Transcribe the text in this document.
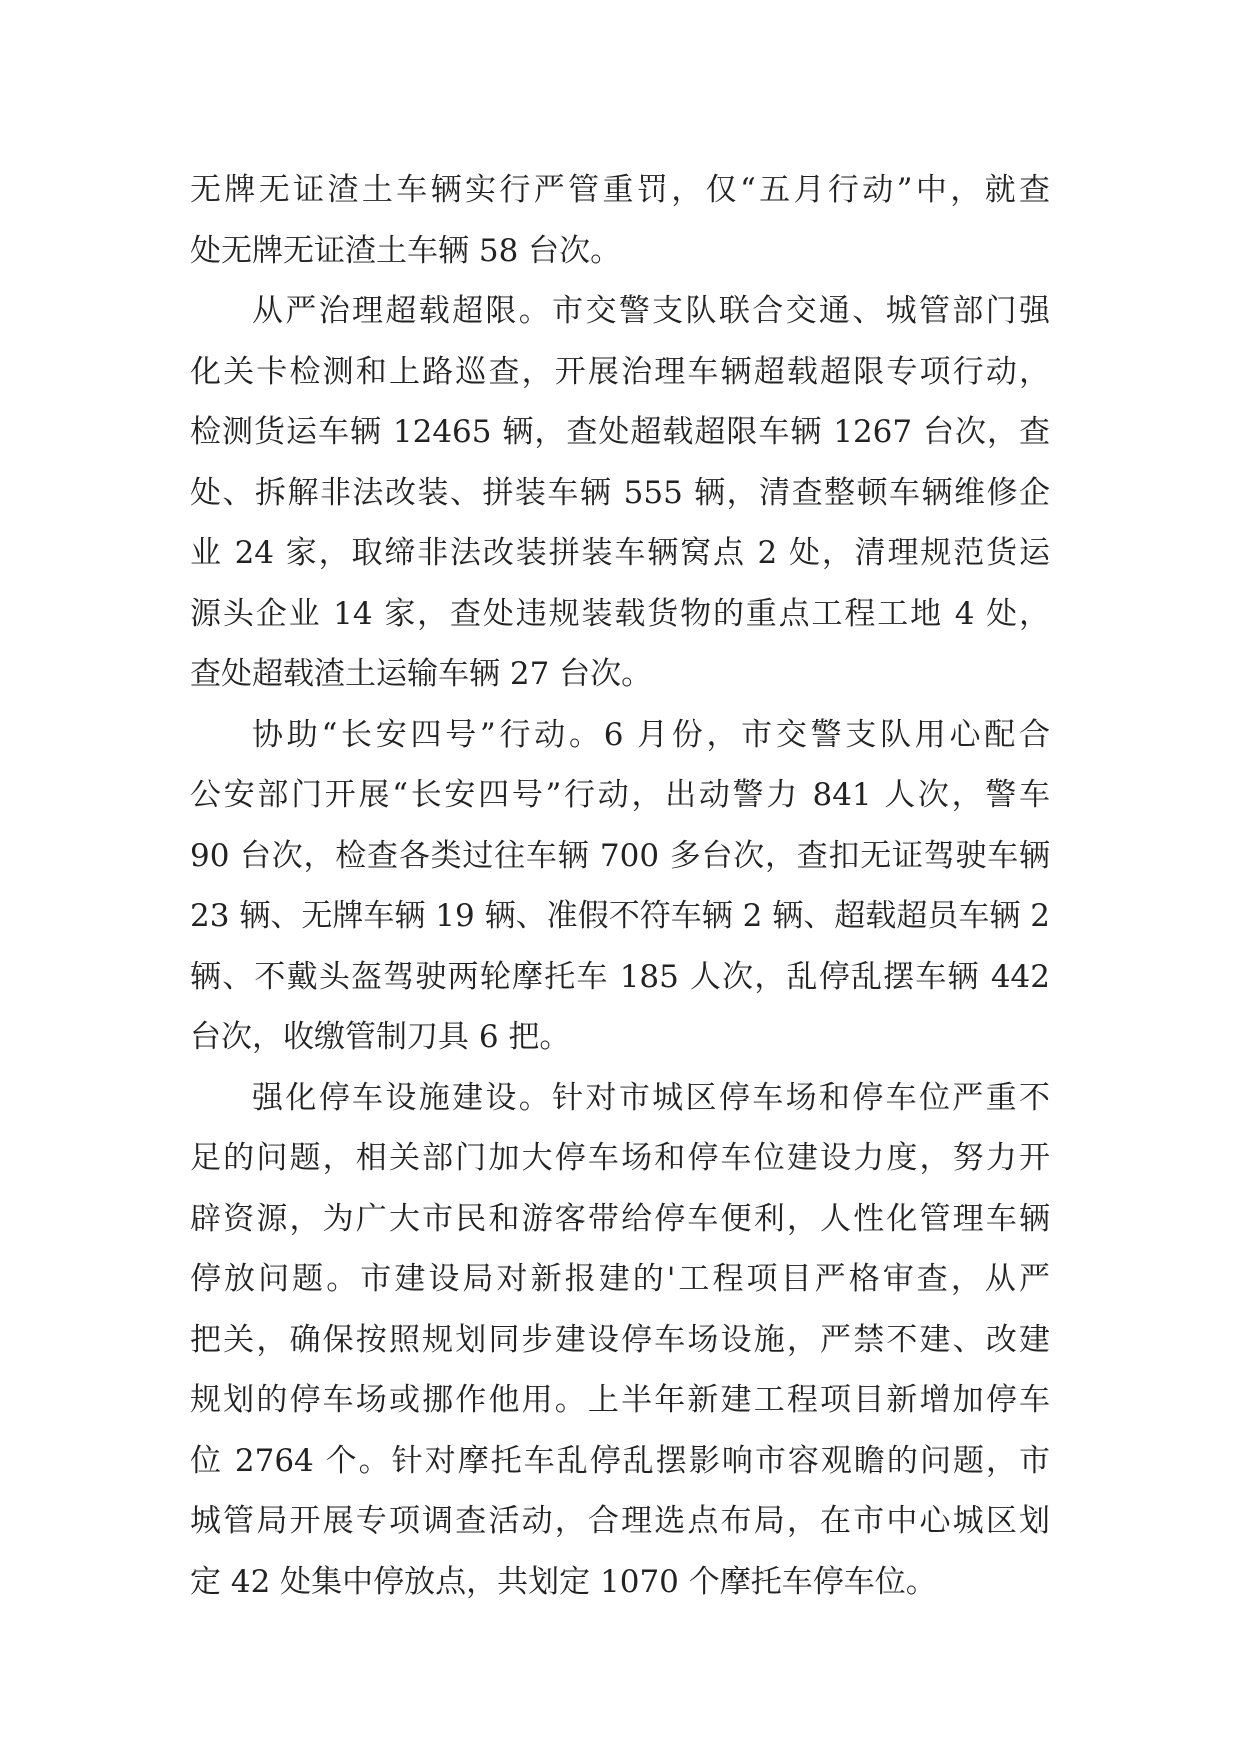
无牌无证渣土车辆实行严管重罚，仅“五月行动”中，就查
处无牌无证渣土车辆 58 台次。

从严治理超载超限。市交警支队联合交通、城管部门强
化关卡检测和上路巡查，开展治理车辆超载超限专项行动，
检测货运车辆 12465 辆，查处超载超限车辆 1267 台次，查
处、拆解非法改装、拼装车辆 555 辆，清查整顿车辆维修企
业 24 家，取缔非法改装拼装车辆窝点 2 处，清理规范货运
源头企业 14 家，查处违规装载货物的重点工程工地 4 处，
查处超载渣土运输车辆 27 台次。

协助“长安四号”行动。6 月份，市交警支队用心配合
公安部门开展“长安四号”行动，出动警力 841 人次，警车
90 台次，检查各类过往车辆 700 多台次，查扣无证驾驶车辆
23 辆、无牌车辆 19 辆、准假不符车辆 2 辆、超载超员车辆 2
辆、不戴头盔驾驶两轮摩托车 185 人次，乱停乱摆车辆 442
台次，收缴管制刀具 6 把。

强化停车设施建设。针对市城区停车场和停车位严重不
足的问题，相关部门加大停车场和停车位建设力度，努力开
辟资源，为广大市民和游客带给停车便利，人性化管理车辆
停放问题。市建设局对新报建的'工程项目严格审查，从严
把关，确保按照规划同步建设停车场设施，严禁不建、改建
规划的停车场或挪作他用。上半年新建工程项目新增加停车
位 2764 个。针对摩托车乱停乱摆影响市容观瞻的问题，市
城管局开展专项调查活动，合理选点布局，在市中心城区划
定 42 处集中停放点，共划定 1070 个摩托车停车位。
